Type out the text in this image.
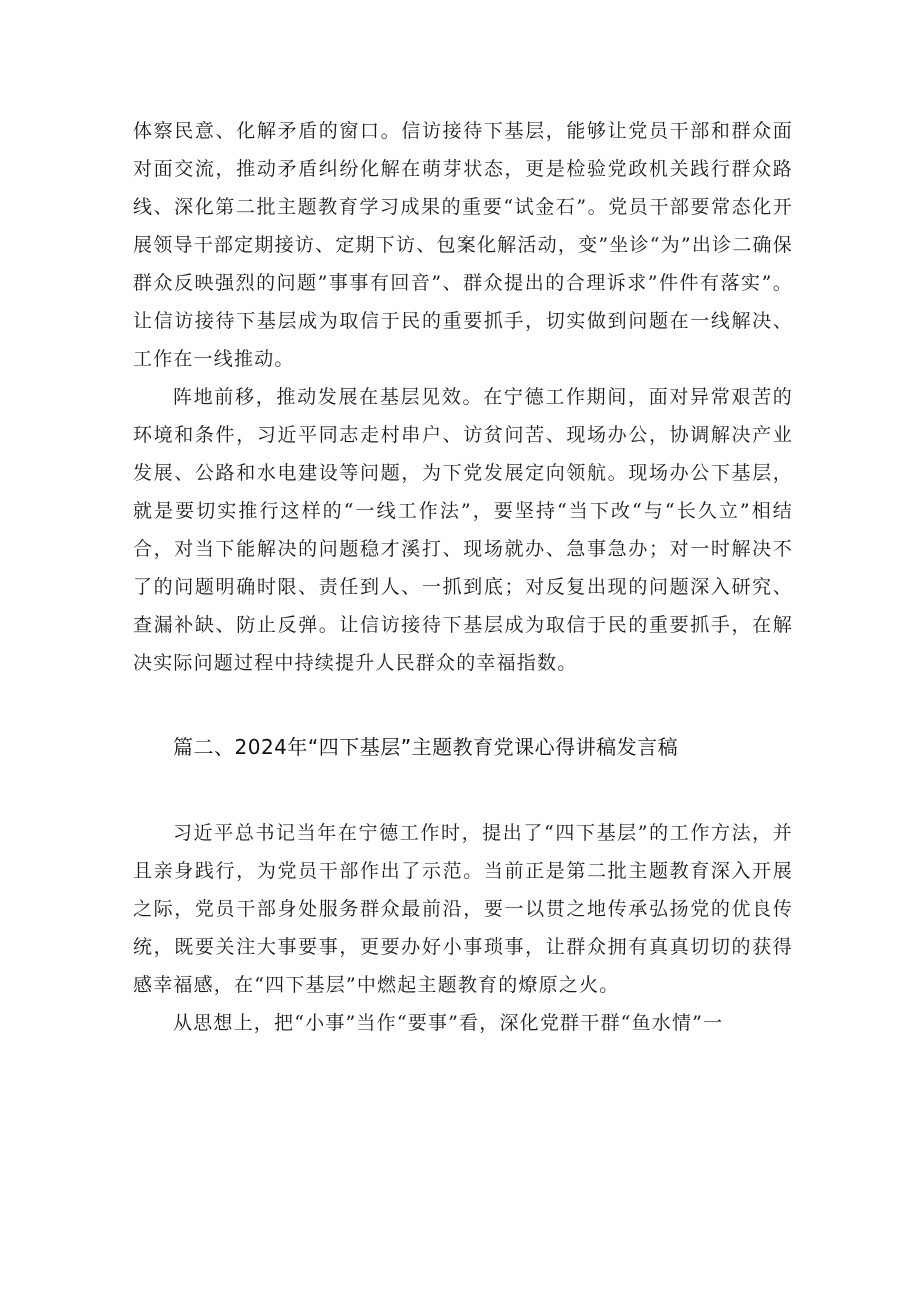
体察民意、化解矛盾的窗口。信访接待下基层，能够让党员干部和群众面对面交流，推动矛盾纠纷化解在萌芽状态，更是检验党政机关践行群众路线、深化第二批主题教育学习成果的重要“试金石”。党员干部要常态化开展领导干部定期接访、定期下访、包案化解活动，变”坐诊“为”出诊二确保群众反映强烈的问题”事事有回音”、群众提出的合理诉求”件件有落实”。让信访接待下基层成为取信于民的重要抓手，切实做到问题在一线解决、工作在一线推动。

阵地前移，推动发展在基层见效。在宁德工作期间，面对异常艰苦的环境和条件，习近平同志走村串户、访贫问苦、现场办公，协调解决产业发展、公路和水电建设等问题，为下党发展定向领航。现场办公下基层，就是要切实推行这样的“一线工作法”，要坚持“当下改“与“长久立”相结合，对当下能解决的问题稳才溪打、现场就办、急事急办；对一时解决不了的问题明确时限、责任到人、一抓到底；对反复出现的问题深入研究、查漏补缺、防止反弹。让信访接待下基层成为取信于民的重要抓手，在解决实际问题过程中持续提升人民群众的幸福指数。

篇二、2024年“四下基层”主题教育党课心得讲稿发言稿

习近平总书记当年在宁德工作时，提出了“四下基层”的工作方法，并且亲身践行，为党员干部作出了示范。当前正是第二批主题教育深入开展之际，党员干部身处服务群众最前沿，要一以贯之地传承弘扬党的优良传统，既要关注大事要事，更要办好小事琐事，让群众拥有真真切切的获得感幸福感，在“四下基层”中燃起主题教育的燎原之火。

从思想上，把“小事”当作“要事”看，深化党群干群“鱼水情”一
